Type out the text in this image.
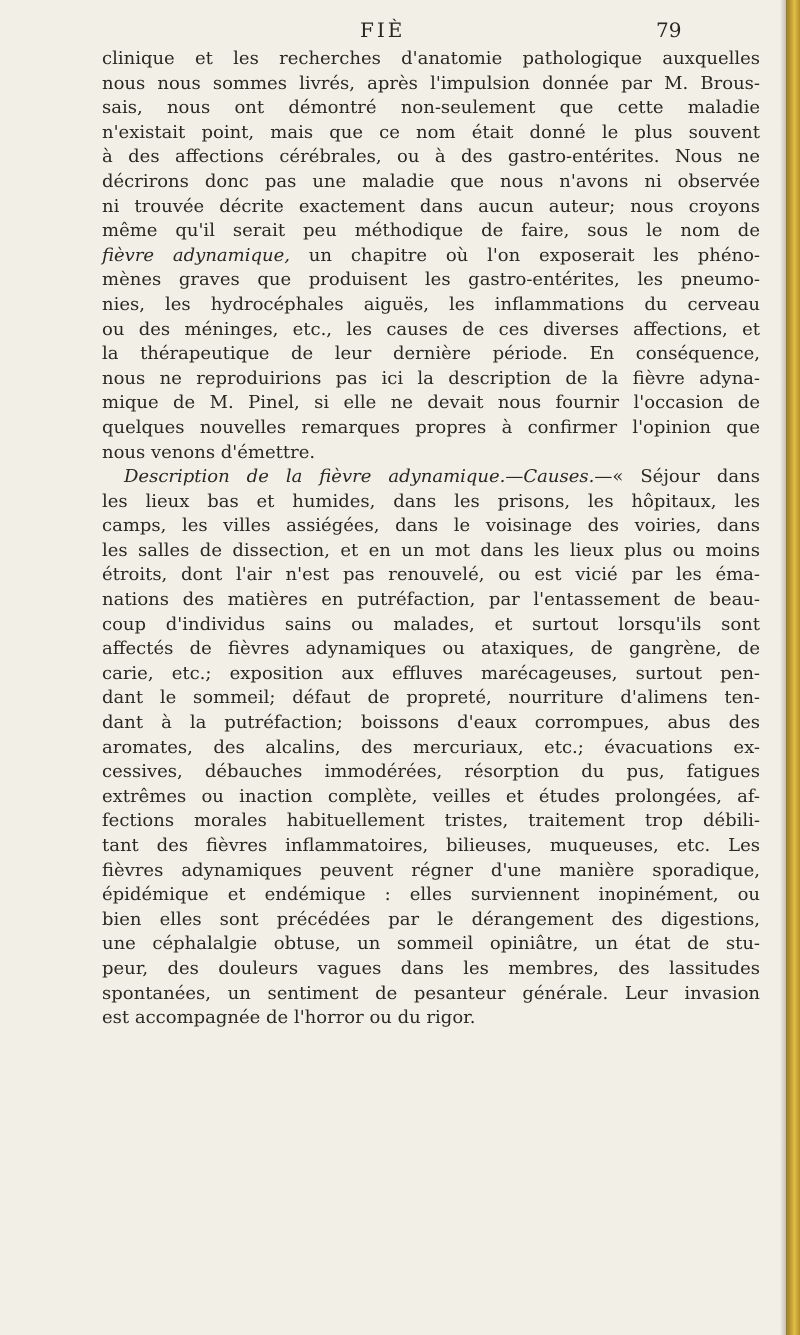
FIÈ	79
clinique et les recherches d'anatomie pathologique auxquelles
nous nous sommes livrés, après l'impulsion donnée par M. Brous-
sais, nous ont démontré non-seulement que cette maladie
n'existait point, mais que ce nom était donné le plus souvent
à des affections cérébrales, ou à des gastro-entérites. Nous ne
décrirons donc pas une maladie que nous n'avons ni observée
ni trouvée décrite exactement dans aucun auteur; nous croyons
même qu'il serait peu méthodique de faire, sous le nom de
fièvre adynamique, un chapitre où l'on exposerait les phéno-
mènes graves que produisent les gastro-entérites, les pneumo-
nies, les hydrocéphales aiguës, les inflammations du cerveau
ou des méninges, etc., les causes de ces diverses affections, et
la thérapeutique de leur dernière période. En conséquence,
nous ne reproduirions pas ici la description de la fièvre adyna-
mique de M. Pinel, si elle ne devait nous fournir l'occasion de
quelques nouvelles remarques propres à confirmer l'opinion que
nous venons d'émettre.
Description de la fièvre adynamique.—Causes.—« Séjour dans
les lieux bas et humides, dans les prisons, les hôpitaux, les
camps, les villes assiégées, dans le voisinage des voiries, dans
les salles de dissection, et en un mot dans les lieux plus ou moins
étroits, dont l'air n'est pas renouvelé, ou est vicié par les éma-
nations des matières en putréfaction, par l'entassement de beau-
coup d'individus sains ou malades, et surtout lorsqu'ils sont
affectés de fièvres adynamiques ou ataxiques, de gangrène, de
carie, etc.; exposition aux effluves marécageuses, surtout pen-
dant le sommeil; défaut de propreté, nourriture d'alimens ten-
dant à la putréfaction; boissons d'eaux corrompues, abus des
aromates, des alcalins, des mercuriaux, etc.; évacuations ex-
cessives, débauches immodérées, résorption du pus, fatigues
extrêmes ou inaction complète, veilles et études prolongées, af-
fections morales habituellement tristes, traitement trop débili-
tant des fièvres inflammatoires, bilieuses, muqueuses, etc. Les
fièvres adynamiques peuvent régner d'une manière sporadique,
épidémique et endémique : elles surviennent inopinément, ou
bien elles sont précédées par le dérangement des digestions,
une céphalalgie obtuse, un sommeil opiniâtre, un état de stu-
peur, des douleurs vagues dans les membres, des lassitudes
spontanées, un sentiment de pesanteur générale. Leur invasion
est accompagnée de l'horror ou du rigor.
